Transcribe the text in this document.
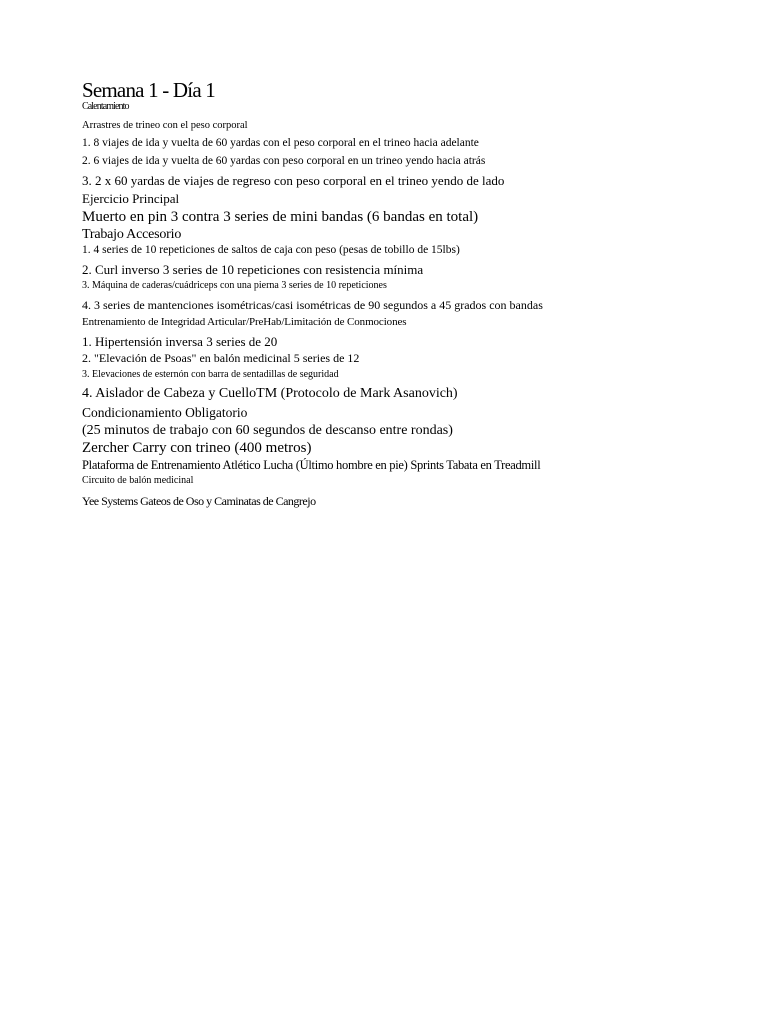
Semana 1 - Día 1
Calentamiento
Arrastres de trineo con el peso corporal
1. 8 viajes de ida y vuelta de 60 yardas con el peso corporal en el trineo hacia adelante
2. 6 viajes de ida y vuelta de 60 yardas con peso corporal en un trineo yendo hacia atrás
3. 2 x 60 yardas de viajes de regreso con peso corporal en el trineo yendo de lado
Ejercicio Principal
Muerto en pin 3 contra 3 series de mini bandas (6 bandas en total)
Trabajo Accesorio
1. 4 series de 10 repeticiones de saltos de caja con peso (pesas de tobillo de 15lbs)
2. Curl inverso 3 series de 10 repeticiones con resistencia mínima
3. Máquina de caderas/cuádriceps con una pierna 3 series de 10 repeticiones
4. 3 series de mantenciones isométricas/casi isométricas de 90 segundos a 45 grados con bandas
Entrenamiento de Integridad Articular/PreHab/Limitación de Conmociones
1. Hipertensión inversa 3 series de 20
2. "Elevación de Psoas" en balón medicinal 5 series de 12
3. Elevaciones de esternón con barra de sentadillas de seguridad
4. Aislador de Cabeza y CuelloTM (Protocolo de Mark Asanovich)
Condicionamiento Obligatorio
(25 minutos de trabajo con 60 segundos de descanso entre rondas)
Zercher Carry con trineo (400 metros)
Plataforma de Entrenamiento Atlético Lucha (Último hombre en pie) Sprints Tabata en Treadmill
Circuito de balón medicinal
Yee Systems Gateos de Oso y Caminatas de Cangrejo
